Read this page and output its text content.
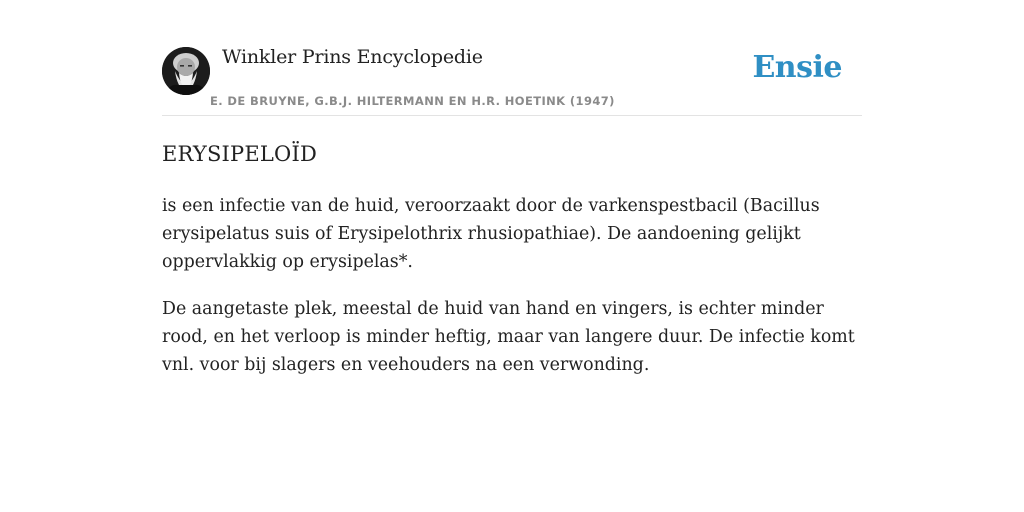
Winkler Prins Encyclopedie
E. DE BRUYNE, G.B.J. HILTERMANN EN H.R. HOETINK (1947)
Ensie
ERYSIPELOÏD

is een infectie van de huid, veroorzaakt door de varkenspestbacil (Bacillus erysipelatus suis of Erysipelothrix rhusiopathiae). De aandoening gelijkt oppervlakkig op erysipelas*.

De aangetaste plek, meestal de huid van hand en vingers, is echter minder rood, en het verloop is minder heftig, maar van langere duur. De infectie komt vnl. voor bij slagers en veehouders na een verwonding.
